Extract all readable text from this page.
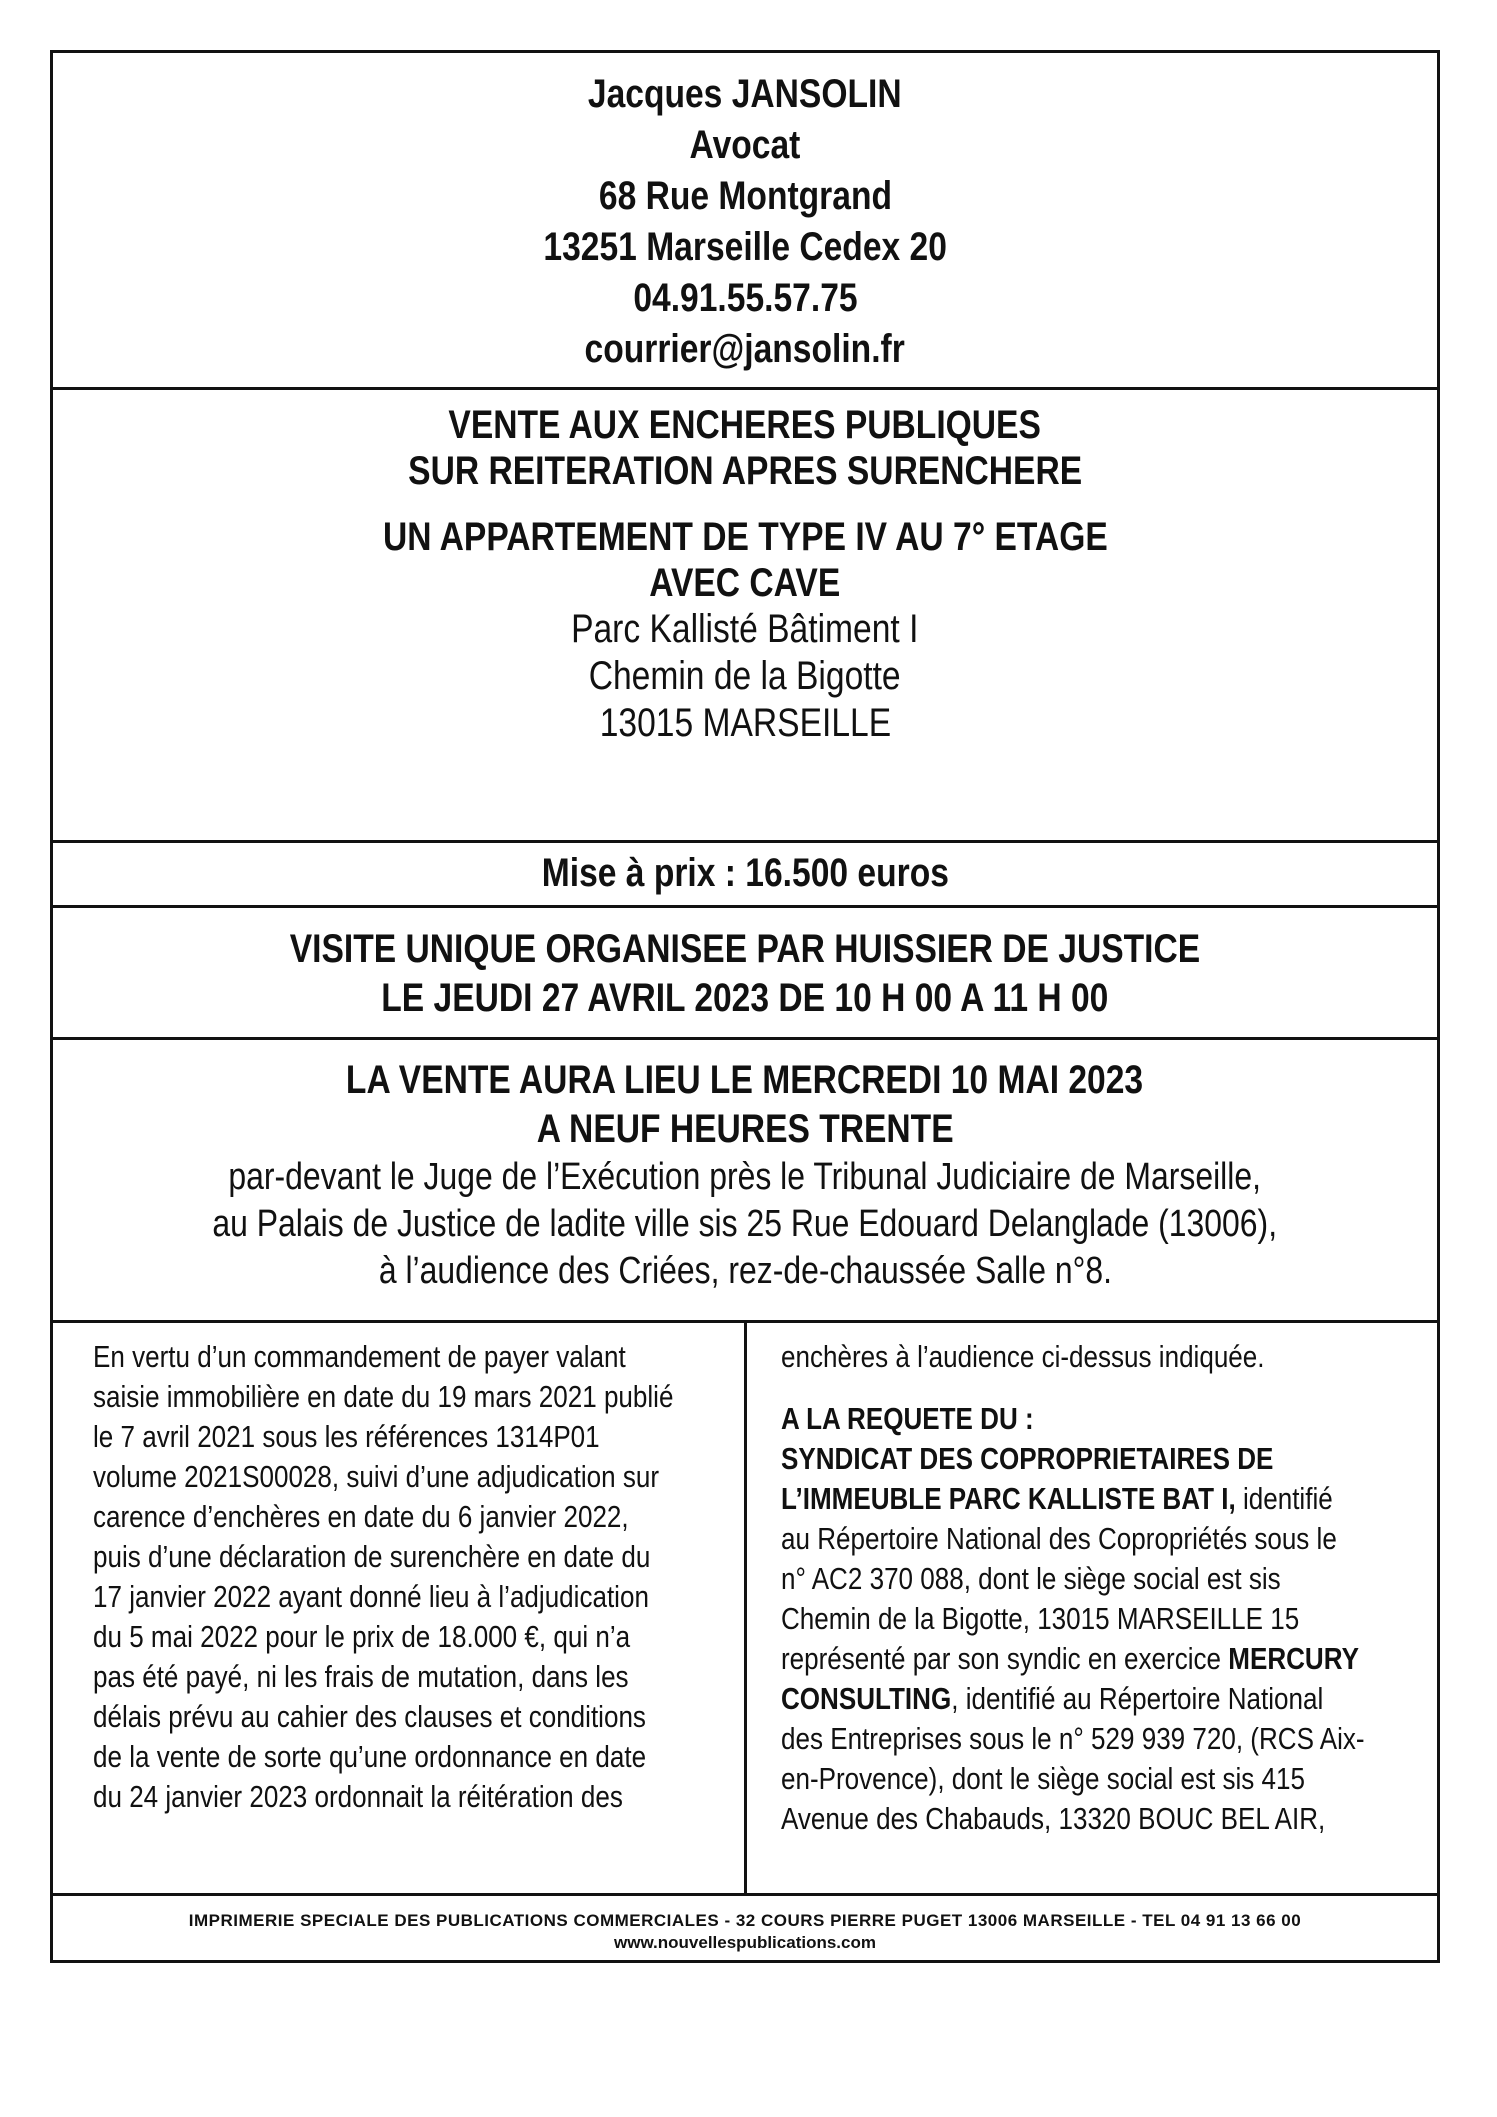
Jacques JANSOLIN
Avocat
68 Rue Montgrand
13251 Marseille Cedex 20
04.91.55.57.75
courrier@jansolin.fr
VENTE AUX ENCHERES PUBLIQUES
SUR REITERATION APRES SURENCHERE
UN APPARTEMENT DE TYPE IV AU 7° ETAGE
AVEC CAVE
Parc Kallisté Bâtiment I
Chemin de la Bigotte
13015 MARSEILLE
Mise à prix : 16.500 euros
VISITE UNIQUE ORGANISEE PAR HUISSIER DE JUSTICE
LE JEUDI 27 AVRIL 2023 DE 10 H 00 A 11 H 00
LA VENTE AURA LIEU LE MERCREDI 10 MAI 2023
A NEUF HEURES TRENTE
par-devant le Juge de l’Exécution près le Tribunal Judiciaire de Marseille,
au Palais de Justice de ladite ville sis 25 Rue Edouard Delanglade (13006),
à l’audience des Criées, rez-de-chaussée Salle n°8.
En vertu d’un commandement de payer valant
saisie immobilière en date du 19 mars 2021 publié
le 7 avril 2021 sous les références 1314P01
volume 2021S00028, suivi d’une adjudication sur
carence d’enchères en date du 6 janvier 2022,
puis d’une déclaration de surenchère en date du
17 janvier 2022 ayant donné lieu à l’adjudication
du 5 mai 2022 pour le prix de 18.000 €, qui n’a
pas été payé, ni les frais de mutation, dans les
délais prévu au cahier des clauses et conditions
de la vente de sorte qu’une ordonnance en date
du 24 janvier 2023 ordonnait la réitération des
enchères à l’audience ci-dessus indiquée.
A LA REQUETE DU :
SYNDICAT DES COPROPRIETAIRES DE
L’IMMEUBLE PARC KALLISTE BAT I, identifié
au Répertoire National des Copropriétés sous le
n° AC2 370 088, dont le siège social est sis
Chemin de la Bigotte, 13015 MARSEILLE 15
représenté par son syndic en exercice MERCURY
CONSULTING, identifié au Répertoire National
des Entreprises sous le n° 529 939 720, (RCS Aix-
en-Provence), dont le siège social est sis 415
Avenue des Chabauds, 13320 BOUC BEL AIR,
IMPRIMERIE SPECIALE DES PUBLICATIONS COMMERCIALES - 32 COURS PIERRE PUGET 13006 MARSEILLE - TEL 04 91 13 66 00
www.nouvellespublications.com
